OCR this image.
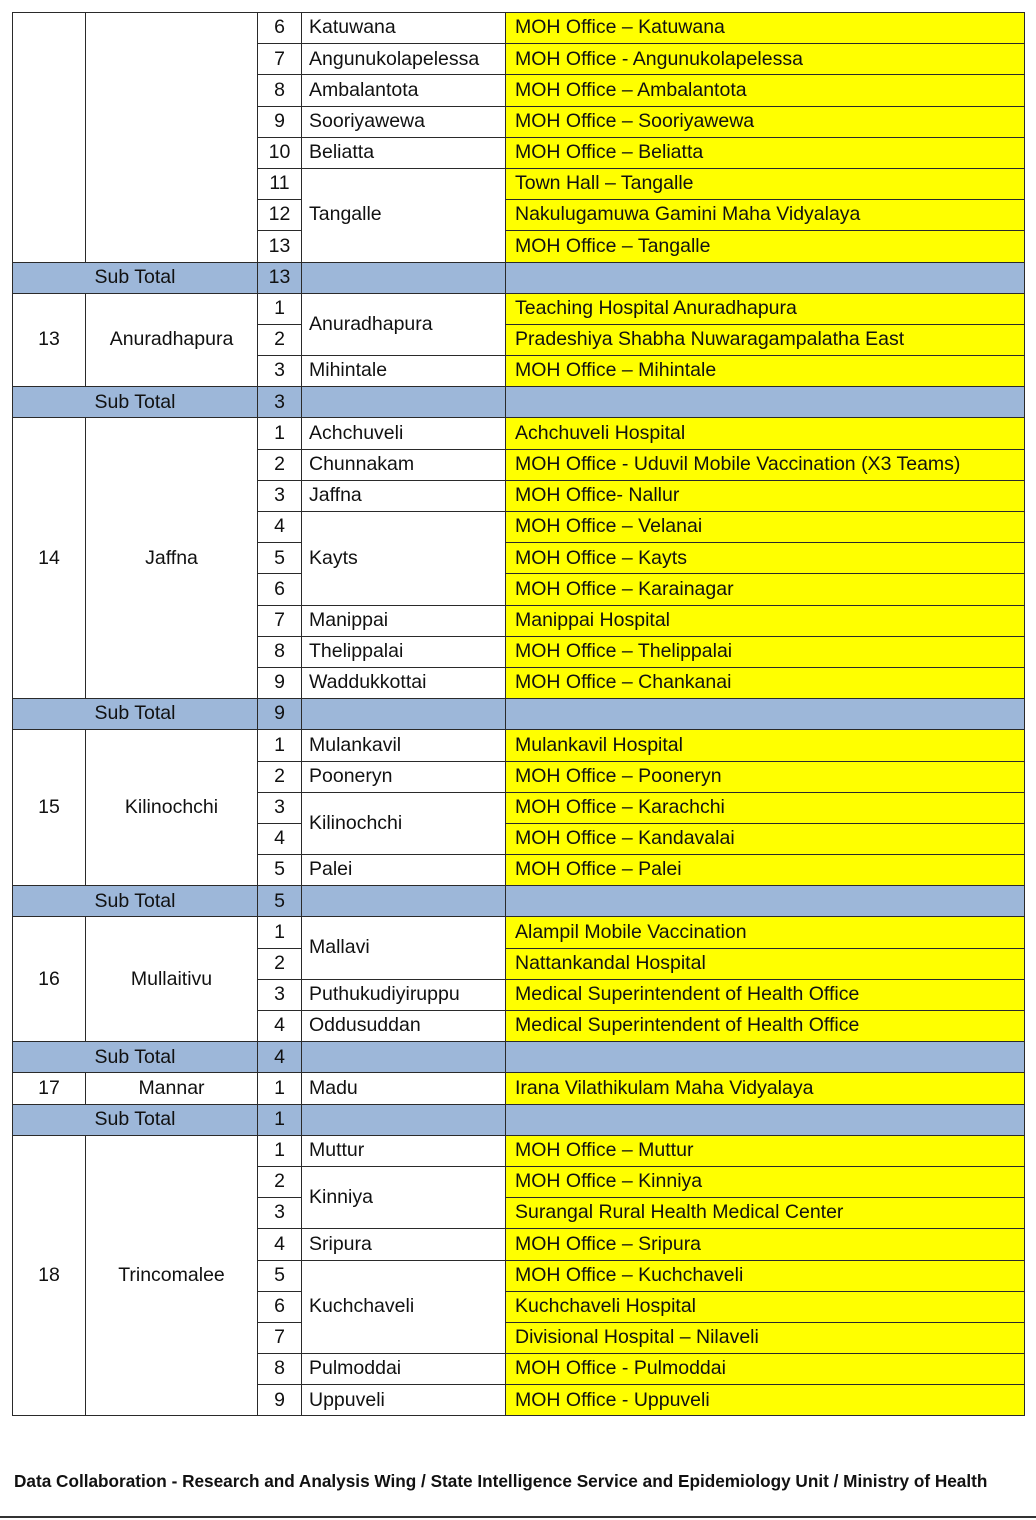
		6	Katuwana	MOH Office – Katuwana
		7	Angunukolapelessa	MOH Office - Angunukolapelessa
		8	Ambalantota	MOH Office – Ambalantota
		9	Sooriyawewa	MOH Office – Sooriyawewa
		10	Beliatta	MOH Office – Beliatta
		11	Tangalle	Town Hall – Tangalle
		12		Nakulugamuwa Gamini Maha Vidyalaya
		13		MOH Office – Tangalle
Sub Total		13		
13	Anuradhapura	1	Anuradhapura	Teaching Hospital Anuradhapura
		2		Pradeshiya Shabha Nuwaragampalatha East
		3	Mihintale	MOH Office – Mihintale
Sub Total		3		
14	Jaffna	1	Achchuveli	Achchuveli Hospital
		2	Chunnakam	MOH Office - Uduvil Mobile Vaccination (X3 Teams)
		3	Jaffna	MOH Office- Nallur
		4	Kayts	MOH Office – Velanai
		5		MOH Office – Kayts
		6		MOH Office – Karainagar
		7	Manippai	Manippai Hospital
		8	Thelippalai	MOH Office – Thelippalai
		9	Waddukkottai	MOH Office – Chankanai
Sub Total		9		
15	Kilinochchi	1	Mulankavil	Mulankavil Hospital
		2	Pooneryn	MOH Office – Pooneryn
		3	Kilinochchi	MOH Office – Karachchi
		4		MOH Office – Kandavalai
		5	Palei	MOH Office – Palei
Sub Total		5		
16	Mullaitivu	1	Mallavi	Alampil Mobile Vaccination
		2		Nattankandal Hospital
		3	Puthukudiyiruppu	Medical Superintendent of Health Office
		4	Oddusuddan	Medical Superintendent of Health Office
Sub Total		4		
17	Mannar	1	Madu	Irana Vilathikulam Maha Vidyalaya
Sub Total		1		
18	Trincomalee	1	Muttur	MOH Office – Muttur
		2	Kinniya	MOH Office – Kinniya
		3		Surangal Rural Health Medical Center
		4	Sripura	MOH Office – Sripura
		5	Kuchchaveli	MOH Office – Kuchchaveli
		6		Kuchchaveli Hospital
		7		Divisional Hospital – Nilaveli
		8	Pulmoddai	MOH Office - Pulmoddai
		9	Uppuveli	MOH Office - Uppuveli
Data Collaboration - Research and Analysis Wing / State Intelligence Service and Epidemiology Unit / Ministry of Health
